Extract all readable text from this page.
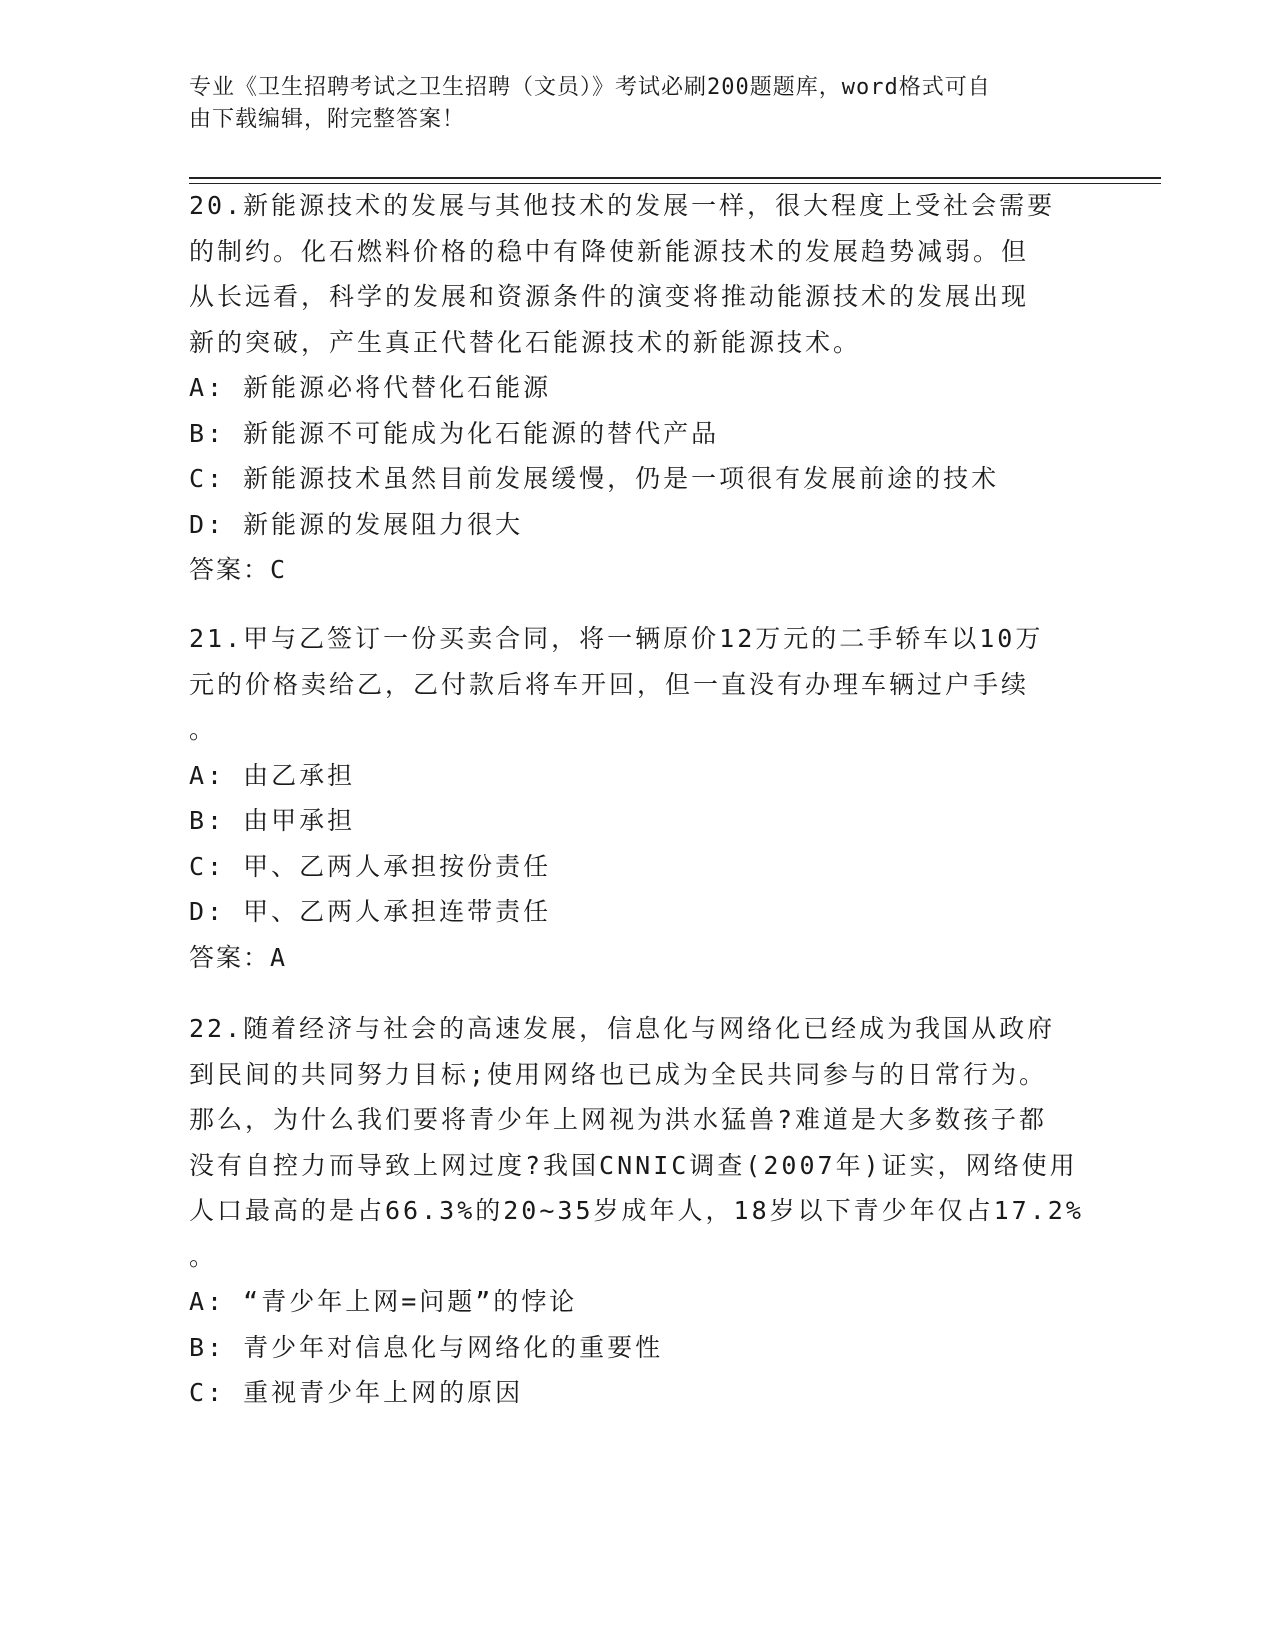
专业《卫生招聘考试之卫生招聘（文员）》考试必刷200题题库，word格式可自
由下载编辑，附完整答案！
20.新能源技术的发展与其他技术的发展一样，很大程度上受社会需要
的制约。化石燃料价格的稳中有降使新能源技术的发展趋势减弱。但
从长远看，科学的发展和资源条件的演变将推动能源技术的发展出现
新的突破，产生真正代替化石能源技术的新能源技术。
A: 新能源必将代替化石能源
B: 新能源不可能成为化石能源的替代产品
C: 新能源技术虽然目前发展缓慢，仍是一项很有发展前途的技术
D: 新能源的发展阻力很大
答案：C
21.甲与乙签订一份买卖合同，将一辆原价12万元的二手轿车以10万
元的价格卖给乙，乙付款后将车开回，但一直没有办理车辆过户手续
。
A: 由乙承担
B: 由甲承担
C: 甲、乙两人承担按份责任
D: 甲、乙两人承担连带责任
答案：A
22.随着经济与社会的高速发展，信息化与网络化已经成为我国从政府
到民间的共同努力目标;使用网络也已成为全民共同参与的日常行为。
那么，为什么我们要将青少年上网视为洪水猛兽?难道是大多数孩子都
没有自控力而导致上网过度?我国CNNIC调查(2007年)证实，网络使用
人口最高的是占66.3%的20~35岁成年人，18岁以下青少年仅占17.2%
。
A: “青少年上网=问题”的悖论
B: 青少年对信息化与网络化的重要性
C: 重视青少年上网的原因
